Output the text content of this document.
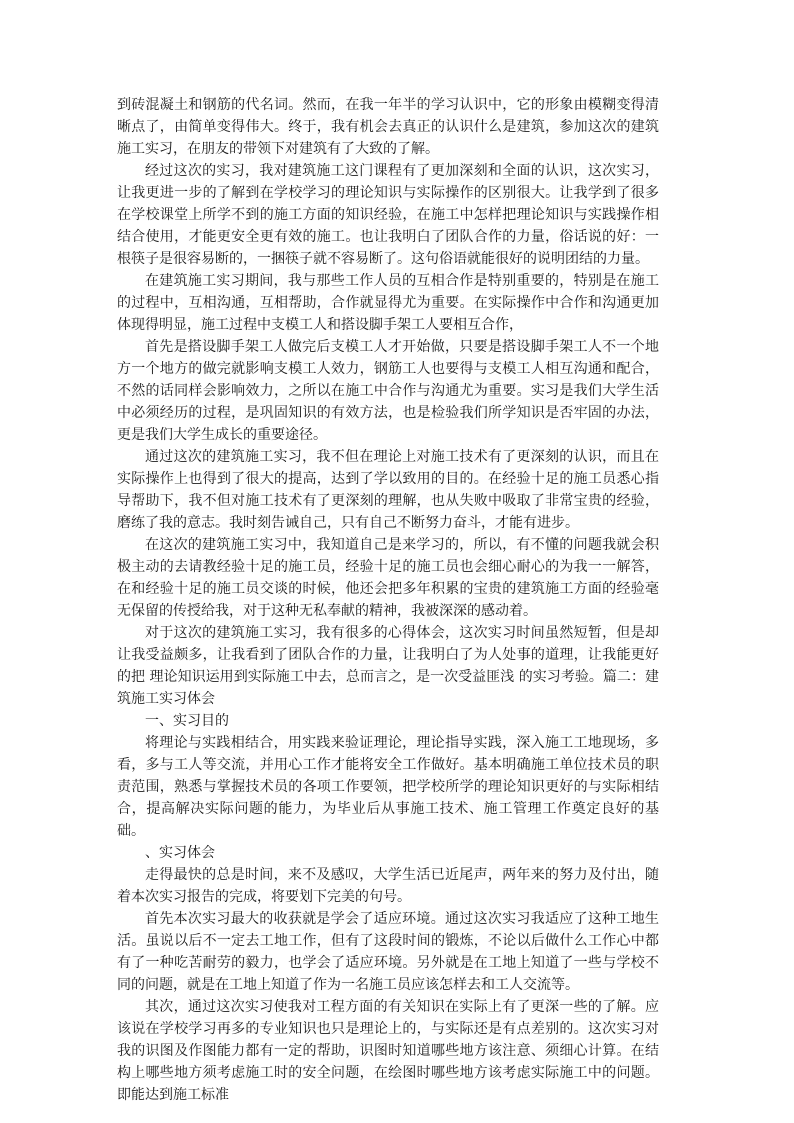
到砖混凝土和钢筋的代名词。然而，在我一年半的学习认识中，它的形象由模糊变得清晰点了，由简单变得伟大。终于，我有机会去真正的认识什么是建筑，参加这次的建筑施工实习，在朋友的带领下对建筑有了大致的了解。

经过这次的实习，我对建筑施工这门课程有了更加深刻和全面的认识，这次实习，让我更进一步的了解到在学校学习的理论知识与实际操作的区别很大。让我学到了很多在学校课堂上所学不到的施工方面的知识经验，在施工中怎样把理论知识与实践操作相结合使用，才能更安全更有效的施工。也让我明白了团队合作的力量，俗话说的好：一根筷子是很容易断的，一捆筷子就不容易断了。这句俗语就能很好的说明团结的力量。

在建筑施工实习期间，我与那些工作人员的互相合作是特别重要的，特别是在施工的过程中，互相沟通，互相帮助，合作就显得尤为重要。在实际操作中合作和沟通更加体现得明显，施工过程中支模工人和搭设脚手架工人要相互合作，

首先是搭设脚手架工人做完后支模工人才开始做，只要是搭设脚手架工人不一个地方一个地方的做完就影响支模工人效力，钢筋工人也要得与支模工人相互沟通和配合，不然的话同样会影响效力，之所以在施工中合作与沟通尤为重要。实习是我们大学生活中必须经历的过程，是巩固知识的有效方法，也是检验我们所学知识是否牢固的办法，更是我们大学生成长的重要途径。

通过这次的建筑施工实习，我不但在理论上对施工技术有了更深刻的认识，而且在实际操作上也得到了很大的提高，达到了学以致用的目的。在经验十足的施工员悉心指导帮助下，我不但对施工技术有了更深刻的理解，也从失败中吸取了非常宝贵的经验，磨练了我的意志。我时刻告诫自己，只有自己不断努力奋斗，才能有进步。

在这次的建筑施工实习中，我知道自己是来学习的，所以，有不懂的问题我就会积极主动的去请教经验十足的施工员，经验十足的施工员也会细心耐心的为我一一解答，在和经验十足的施工员交谈的时候，他还会把多年积累的宝贵的建筑施工方面的经验毫无保留的传授给我，对于这种无私奉献的精神，我被深深的感动着。

对于这次的建筑施工实习，我有很多的心得体会，这次实习时间虽然短暂，但是却让我受益颇多，让我看到了团队合作的力量，让我明白了为人处事的道理，让我能更好的把 理论知识运用到实际施工中去，总而言之，是一次受益匪浅 的实习考验。篇二：建筑施工实习体会

一、实习目的

将理论与实践相结合，用实践来验证理论，理论指导实践，深入施工工地现场，多看，多与工人等交流，并用心工作才能将安全工作做好。基本明确施工单位技术员的职责范围，熟悉与掌握技术员的各项工作要领，把学校所学的理论知识更好的与实际相结合，提高解决实际问题的能力，为毕业后从事施工技术、施工管理工作奠定良好的基础。

、实习体会

走得最快的总是时间，来不及感叹，大学生活已近尾声，两年来的努力及付出，随着本次实习报告的完成，将要划下完美的句号。

首先本次实习最大的收获就是学会了适应环境。通过这次实习我适应了这种工地生活。虽说以后不一定去工地工作，但有了这段时间的锻炼，不论以后做什么工作心中都有了一种吃苦耐劳的毅力，也学会了适应环境。另外就是在工地上知道了一些与学校不同的问题，就是在工地上知道了作为一名施工员应该怎样去和工人交流等。

其次，通过这次实习使我对工程方面的有关知识在实际上有了更深一些的了解。应该说在学校学习再多的专业知识也只是理论上的，与实际还是有点差别的。这次实习对我的识图及作图能力都有一定的帮助，识图时知道哪些地方该注意、须细心计算。在结构上哪些地方须考虑施工时的安全问题，在绘图时哪些地方该考虑实际施工中的问题。即能达到施工标准
